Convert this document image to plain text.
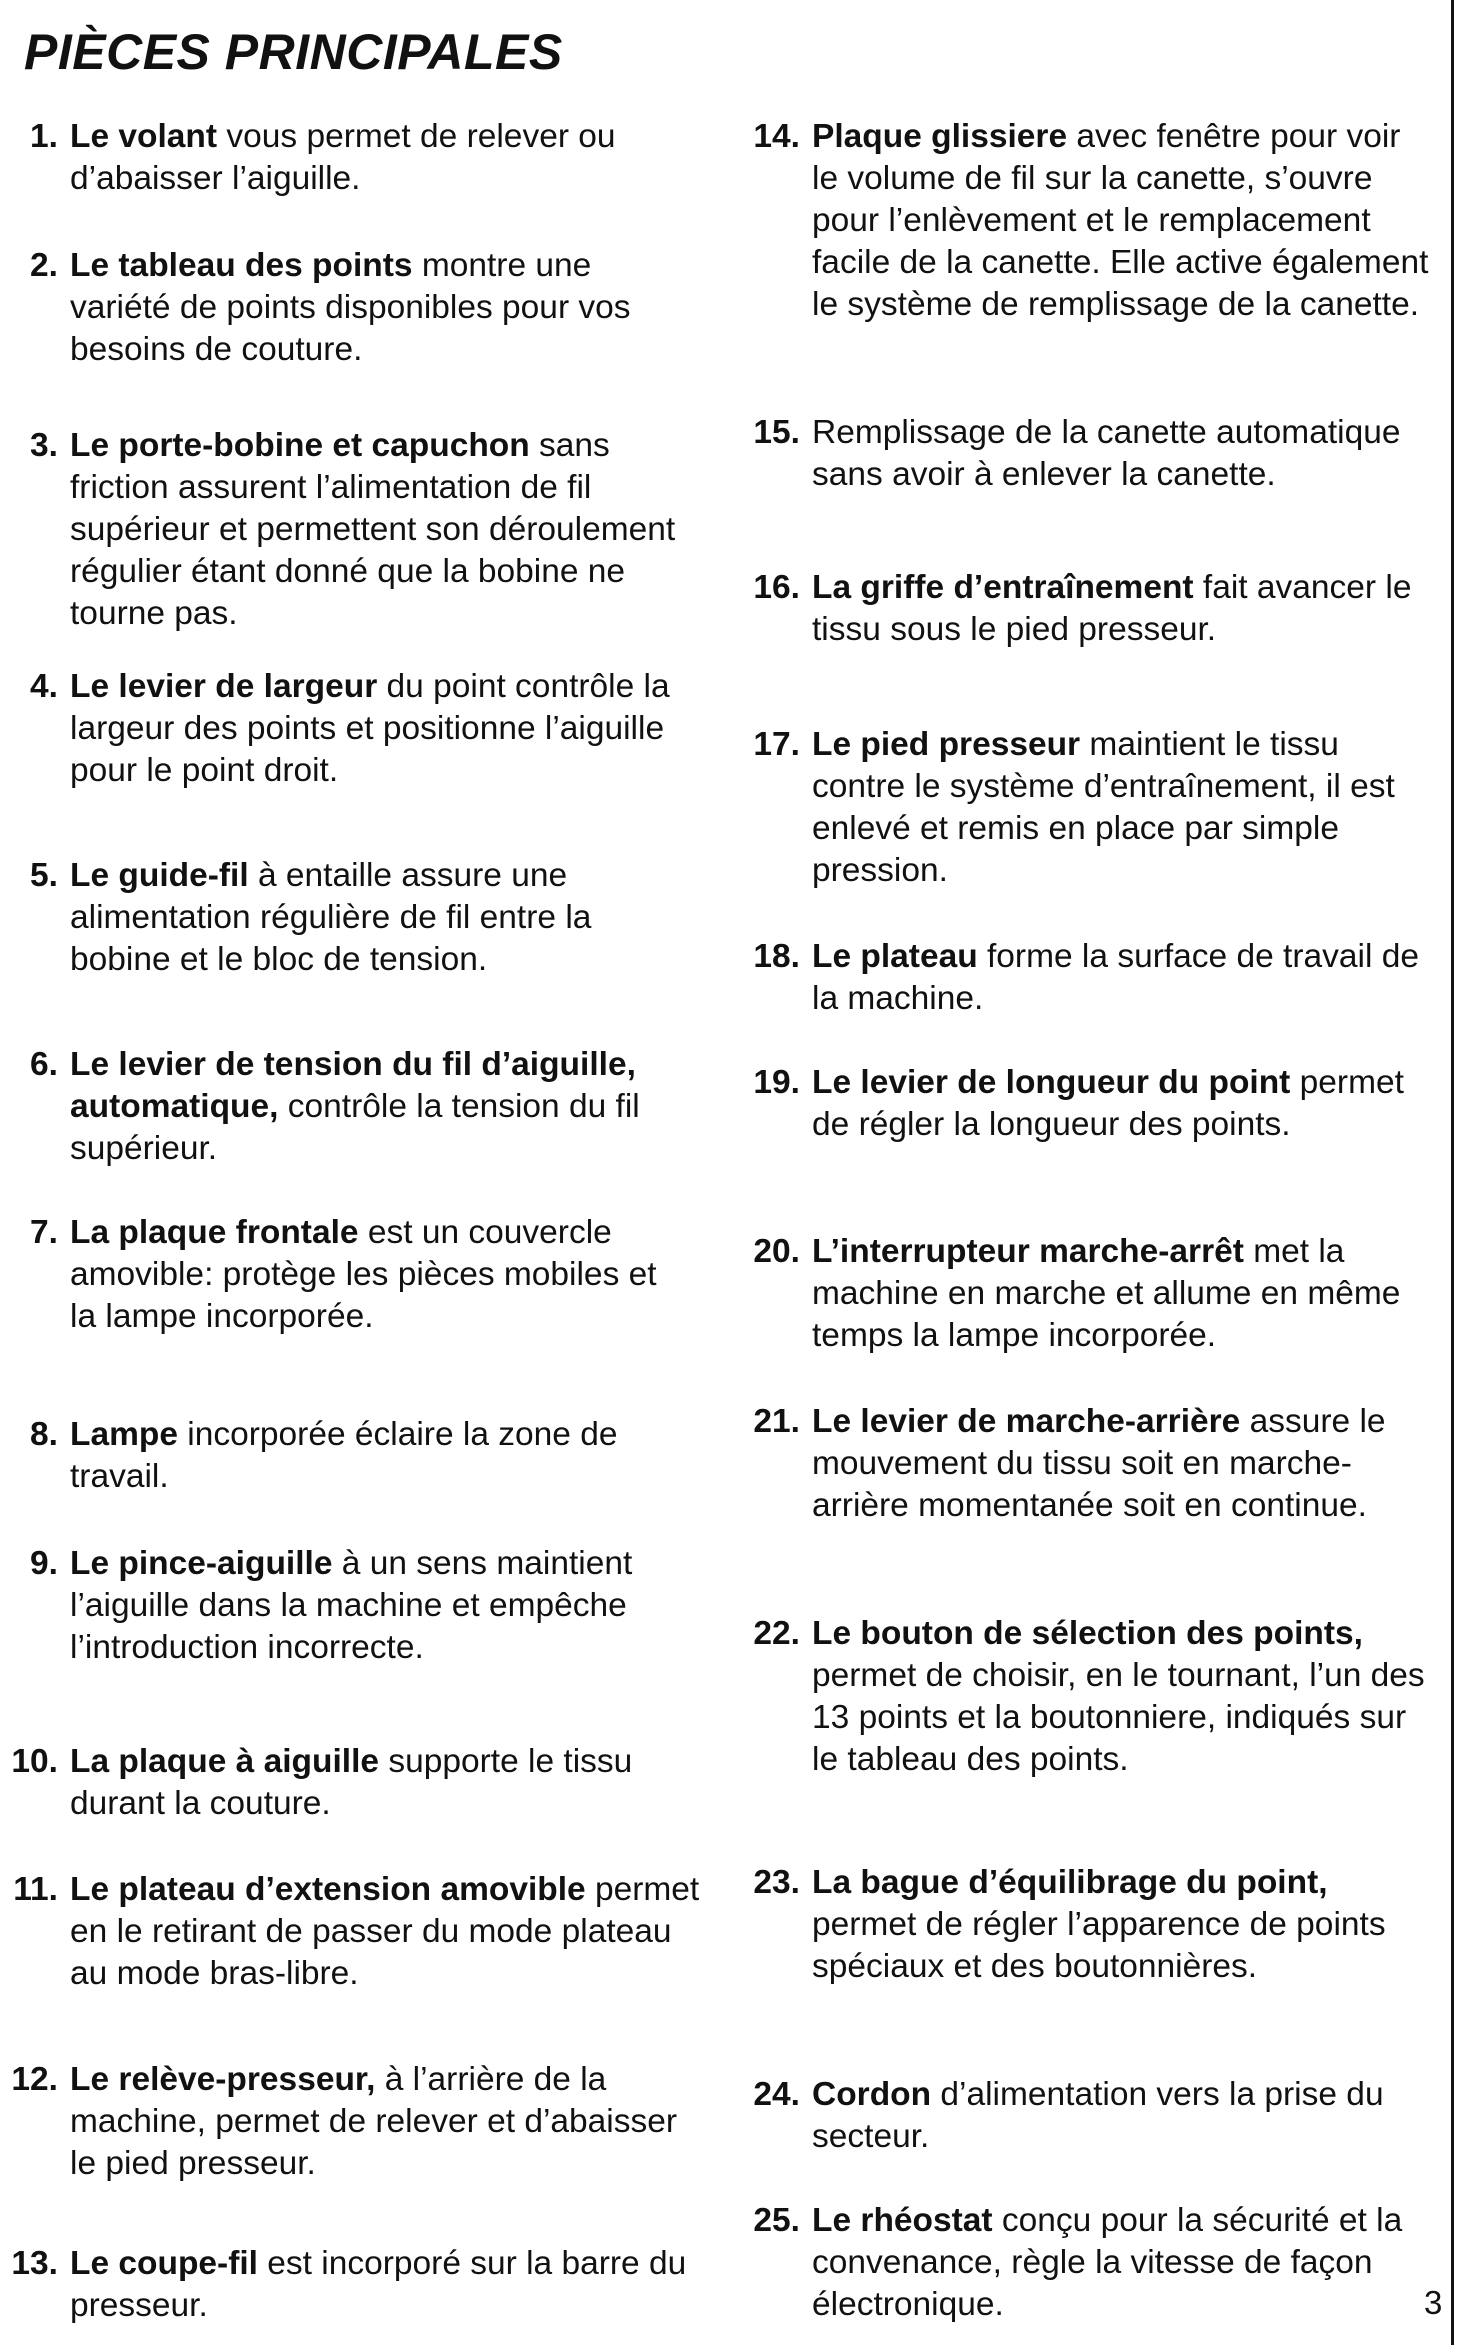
PIÈCES PRINCIPALES
1. Le volant vous permet de relever ou d’abaisser l’aiguille.
2. Le tableau des points montre une variété de points disponibles pour vos besoins de couture.
3. Le porte-bobine et capuchon sans friction assurent l’alimentation de fil supérieur et permettent son déroulement régulier étant donné que la bobine ne tourne pas.
4. Le levier de largeur du point contrôle la largeur des points et positionne l’aiguille pour le point droit.
5. Le guide-fil à entaille assure une alimentation régulière de fil entre la bobine et le bloc de tension.
6. Le levier de tension du fil d’aiguille, automatique, contrôle la tension du fil supérieur.
7. La plaque frontale est un couvercle amovible: protège les pièces mobiles et la lampe incorporée.
8. Lampe incorporée éclaire la zone de travail.
9. Le pince-aiguille à un sens maintient l’aiguille dans la machine et empêche l’introduction incorrecte.
10. La plaque à aiguille supporte le tissu durant la couture.
11. Le plateau d’extension amovible permet en le retirant de passer du mode plateau au mode bras-libre.
12. Le relève-presseur, à l’arrière de la machine, permet de relever et d’abaisser le pied presseur.
13. Le coupe-fil est incorporé sur la barre du presseur.
14. Plaque glissiere avec fenêtre pour voir le volume de fil sur la canette, s’ouvre pour l’enlèvement et le remplacement facile de la canette. Elle active également le système de remplissage de la canette.
15. Remplissage de la canette automatique sans avoir à enlever la canette.
16. La griffe d’entraînement fait avancer le tissu sous le pied presseur.
17. Le pied presseur maintient le tissu contre le système d’entraînement, il est enlevé et remis en place par simple pression.
18. Le plateau forme la surface de travail de la machine.
19. Le levier de longueur du point permet de régler la longueur des points.
20. L’interrupteur marche-arrêt met la machine en marche et allume en même temps la lampe incorporée.
21. Le levier de marche-arrière assure le mouvement du tissu soit en marche-arrière momentanée soit en continue.
22. Le bouton de sélection des points, permet de choisir, en le tournant, l’un des 13 points et la boutonniere, indiqués sur le tableau des points.
23. La bague d’équilibrage du point, permet de régler l’apparence de points spéciaux et des boutonnières.
24. Cordon d’alimentation vers la prise du secteur.
25. Le rhéostat conçu pour la sécurité et la convenance, règle la vitesse de façon électronique.	3
